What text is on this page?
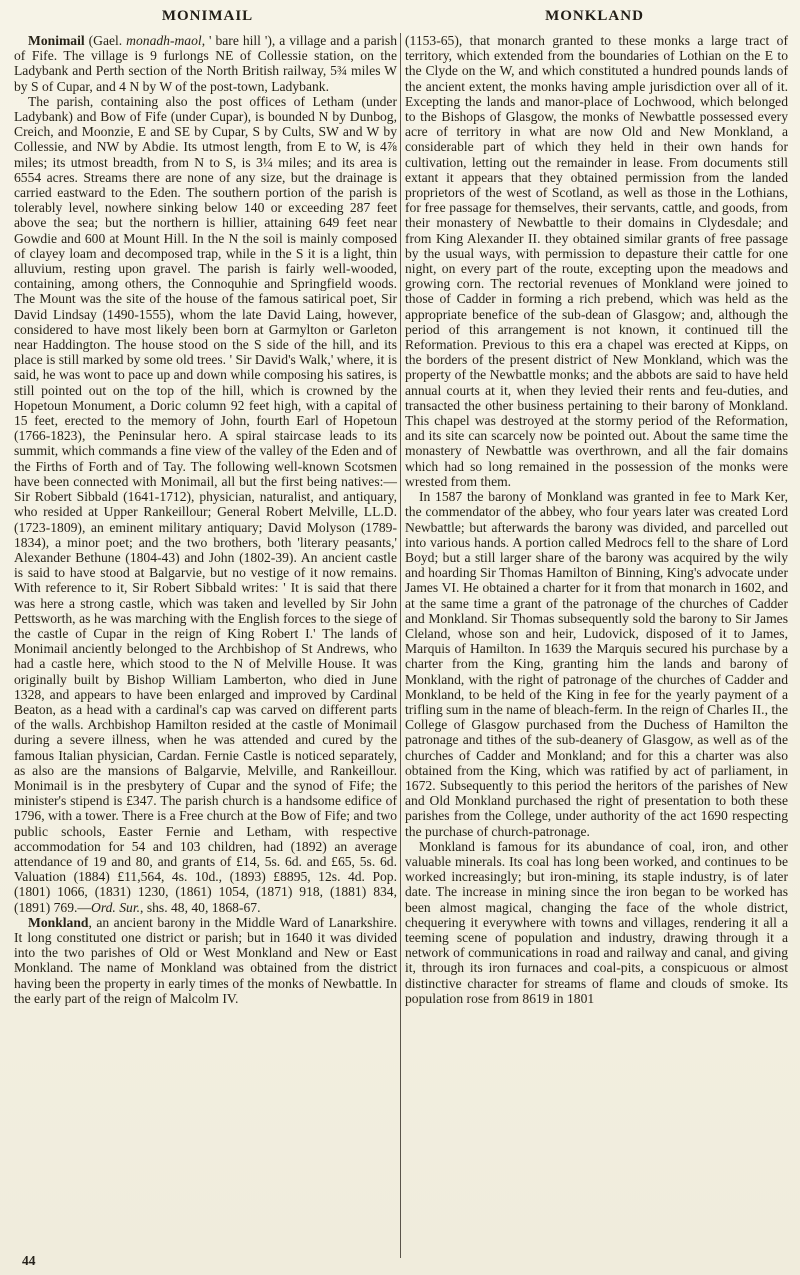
MONIMAIL	MONKLAND

Monimail (Gael. monadh-maol, ' bare hill '), a village and a parish of Fife. The village is 9 furlongs NE of Collessie station, on the Ladybank and Perth section of the North British railway, 5¾ miles W by S of Cupar, and 4 N by W of the post-town, Ladybank.

The parish, containing also the post offices of Letham (under Ladybank) and Bow of Fife (under Cupar), is bounded N by Dunbog, Creich, and Moonzie, E and SE by Cupar, S by Cults, SW and W by Collessie, and NW by Abdie. Its utmost length, from E to W, is 4⅞ miles; its utmost breadth, from N to S, is 3¼ miles; and its area is 6554 acres. Streams there are none of any size, but the drainage is carried eastward to the Eden. The southern portion of the parish is tolerably level, nowhere sinking below 140 or exceeding 287 feet above the sea; but the northern is hillier, attaining 649 feet near Gowdie and 600 at Mount Hill. In the N the soil is mainly composed of clayey loam and decomposed trap, while in the S it is a light, thin alluvium, resting upon gravel. The parish is fairly well-wooded, containing, among others, the Connoquhie and Springfield woods. The Mount was the site of the house of the famous satirical poet, Sir David Lindsay (1490-1555), whom the late David Laing, however, considered to have most likely been born at Garmylton or Garleton near Haddington. The house stood on the S side of the hill, and its place is still marked by some old trees. ' Sir David's Walk,' where, it is said, he was wont to pace up and down while composing his satires, is still pointed out on the top of the hill, which is crowned by the Hopetoun Monument, a Doric column 92 feet high, with a capital of 15 feet, erected to the memory of John, fourth Earl of Hopetoun (1766-1823), the Peninsular hero. A spiral staircase leads to its summit, which commands a fine view of the valley of the Eden and of the Firths of Forth and of Tay. The following well-known Scotsmen have been connected with Monimail, all but the first being natives:—Sir Robert Sibbald (1641-1712), physician, naturalist, and antiquary, who resided at Upper Rankeillour; General Robert Melville, LL.D. (1723-1809), an eminent military antiquary; David Molyson (1789-1834), a minor poet; and the two brothers, both 'literary peasants,' Alexander Bethune (1804-43) and John (1802-39). An ancient castle is said to have stood at Balgarvie, but no vestige of it now remains. With reference to it, Sir Robert Sibbald writes: ' It is said that there was here a strong castle, which was taken and levelled by Sir John Pettsworth, as he was marching with the English forces to the siege of the castle of Cupar in the reign of King Robert I.' The lands of Monimail anciently belonged to the Archbishop of St Andrews, who had a castle here, which stood to the N of Melville House. It was originally built by Bishop William Lamberton, who died in June 1328, and appears to have been enlarged and improved by Cardinal Beaton, as a head with a cardinal's cap was carved on different parts of the walls. Archbishop Hamilton resided at the castle of Monimail during a severe illness, when he was attended and cured by the famous Italian physician, Cardan. Fernie Castle is noticed separately, as also are the mansions of Balgarvie, Melville, and Rankeillour. Monimail is in the presbytery of Cupar and the synod of Fife; the minister's stipend is £347. The parish church is a handsome edifice of 1796, with a tower. There is a Free church at the Bow of Fife; and two public schools, Easter Fernie and Letham, with respective accommodation for 54 and 103 children, had (1892) an average attendance of 19 and 80, and grants of £14, 5s. 6d. and £65, 5s. 6d. Valuation (1884) £11,564, 4s. 10d., (1893) £8895, 12s. 4d. Pop. (1801) 1066, (1831) 1230, (1861) 1054, (1871) 918, (1881) 834, (1891) 769.—Ord. Sur., shs. 48, 40, 1868-67.

Monkland, an ancient barony in the Middle Ward of Lanarkshire. It long constituted one district or parish; but in 1640 it was divided into the two parishes of Old or West Monkland and New or East Monkland. The name of Monkland was obtained from the district having been the property in early times of the monks of Newbattle. In the early part of the reign of Malcolm IV.

(1153-65), that monarch granted to these monks a large tract of territory, which extended from the boundaries of Lothian on the E to the Clyde on the W, and which constituted a hundred pounds lands of the ancient extent, the monks having ample jurisdiction over all of it. Excepting the lands and manor-place of Lochwood, which belonged to the Bishops of Glasgow, the monks of Newbattle possessed every acre of territory in what are now Old and New Monkland, a considerable part of which they held in their own hands for cultivation, letting out the remainder in lease. From documents still extant it appears that they obtained permission from the landed proprietors of the west of Scotland, as well as those in the Lothians, for free passage for themselves, their servants, cattle, and goods, from their monastery of Newbattle to their domains in Clydesdale; and from King Alexander II. they obtained similar grants of free passage by the usual ways, with permission to depasture their cattle for one night, on every part of the route, excepting upon the meadows and growing corn. The rectorial revenues of Monkland were joined to those of Cadder in forming a rich prebend, which was held as the appropriate benefice of the sub-dean of Glasgow; and, although the period of this arrangement is not known, it continued till the Reformation. Previous to this era a chapel was erected at Kipps, on the borders of the present district of New Monkland, which was the property of the Newbattle monks; and the abbots are said to have held annual courts at it, when they levied their rents and feu-duties, and transacted the other business pertaining to their barony of Monkland. This chapel was destroyed at the stormy period of the Reformation, and its site can scarcely now be pointed out. About the same time the monastery of Newbattle was overthrown, and all the fair domains which had so long remained in the possession of the monks were wrested from them.

In 1587 the barony of Monkland was granted in fee to Mark Ker, the commendator of the abbey, who four years later was created Lord Newbattle; but afterwards the barony was divided, and parcelled out into various hands. A portion called Medrocs fell to the share of Lord Boyd; but a still larger share of the barony was acquired by the wily and hoarding Sir Thomas Hamilton of Binning, King's advocate under James VI. He obtained a charter for it from that monarch in 1602, and at the same time a grant of the patronage of the churches of Cadder and Monkland. Sir Thomas subsequently sold the barony to Sir James Cleland, whose son and heir, Ludovick, disposed of it to James, Marquis of Hamilton. In 1639 the Marquis secured his purchase by a charter from the King, granting him the lands and barony of Monkland, with the right of patronage of the churches of Cadder and Monkland, to be held of the King in fee for the yearly payment of a trifling sum in the name of bleach-ferm. In the reign of Charles II., the College of Glasgow purchased from the Duchess of Hamilton the patronage and tithes of the sub-deanery of Glasgow, as well as of the churches of Cadder and Monkland; and for this a charter was also obtained from the King, which was ratified by act of parliament, in 1672. Subsequently to this period the heritors of the parishes of New and Old Monkland purchased the right of presentation to both these parishes from the College, under authority of the act 1690 respecting the purchase of church-patronage.

Monkland is famous for its abundance of coal, iron, and other valuable minerals. Its coal has long been worked, and continues to be worked increasingly; but iron-mining, its staple industry, is of later date. The increase in mining since the iron began to be worked has been almost magical, changing the face of the whole district, chequering it everywhere with towns and villages, rendering it all a teeming scene of population and industry, drawing through it a network of communications in road and railway and canal, and giving it, through its iron furnaces and coal-pits, a conspicuous or almost distinctive character for streams of flame and clouds of smoke. Its population rose from 8619 in 1801

44
